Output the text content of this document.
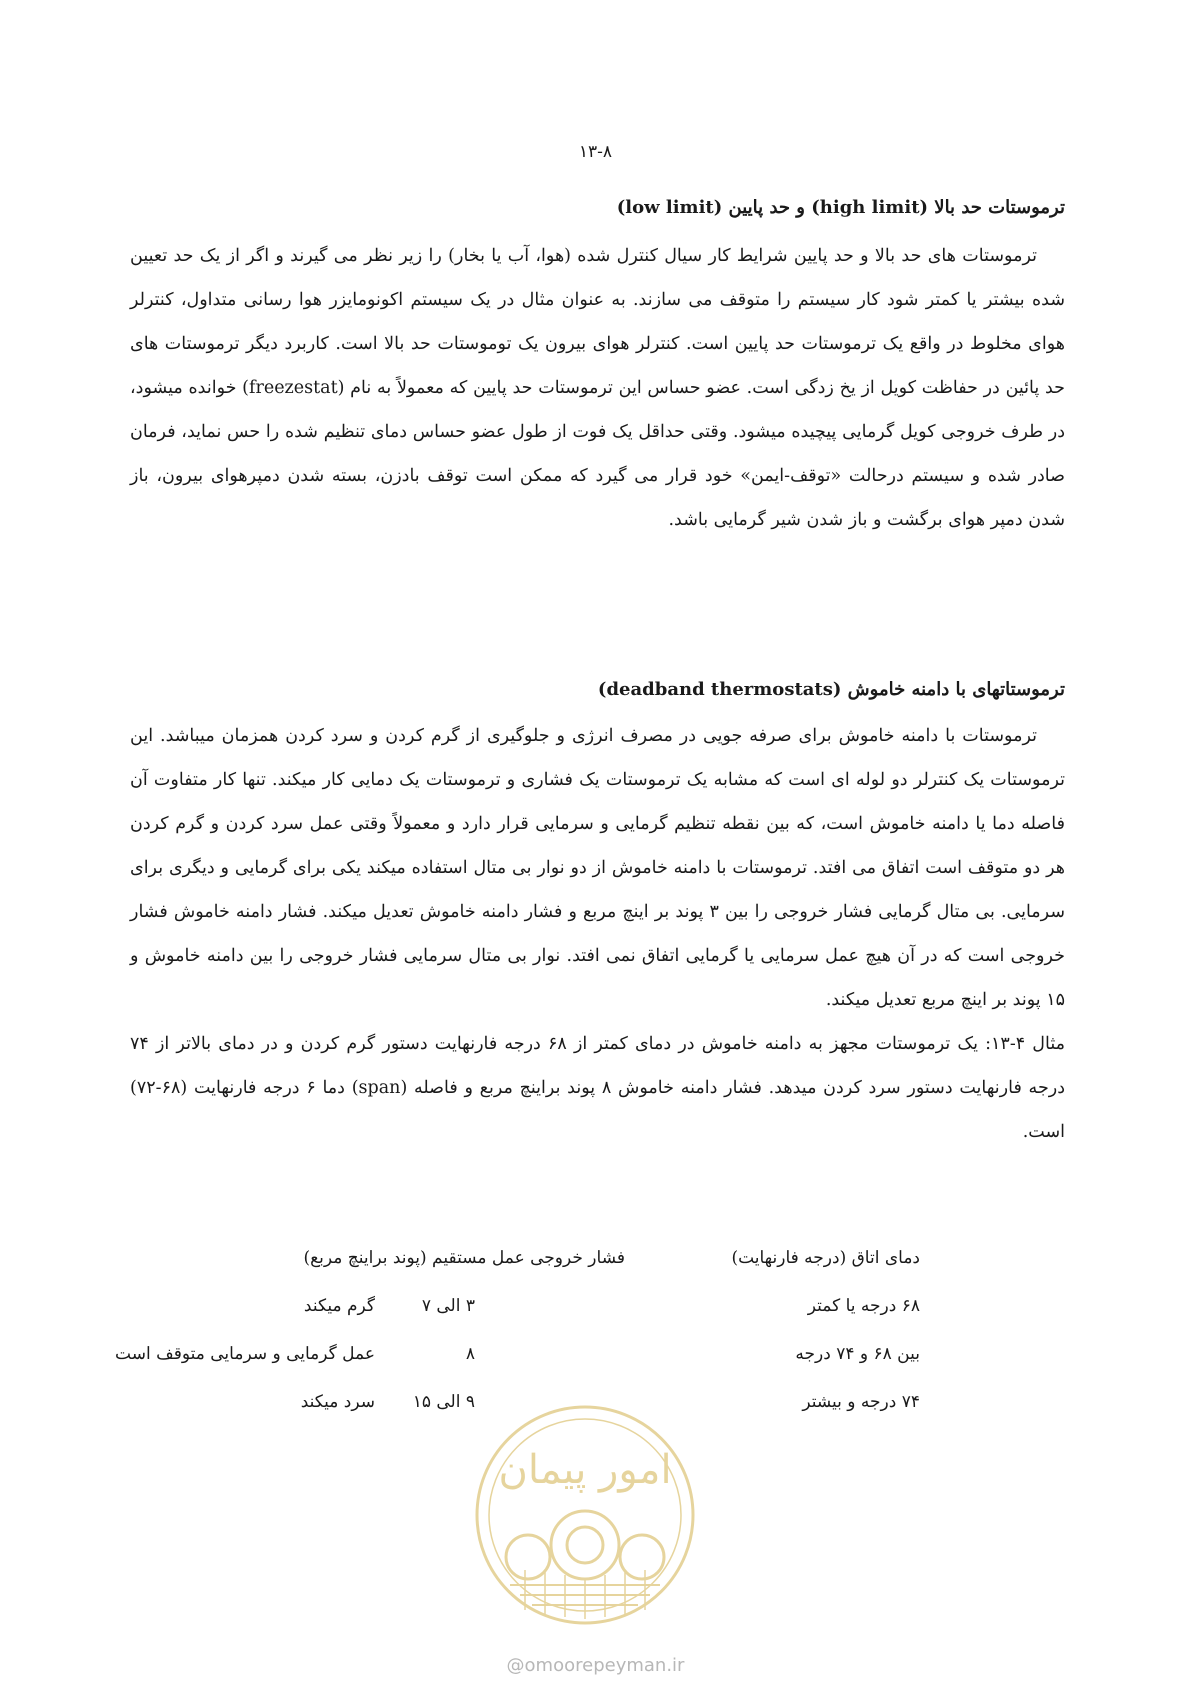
۱۳-۸
ترموستات حد بالا (high limit) و حد پایین (low limit)

ترموستات های حد بالا و حد پایین شرایط کار سیال کنترل شده (هوا، آب یا بخار) را زیر نظر می گیرند و اگر از یک حد تعیین شده بیشتر یا کمتر شود کار سیستم را متوقف می سازند. به عنوان مثال در یک سیستم اکونومایزر هوا رسانی متداول، کنترلر هوای مخلوط در واقع یک ترموستات حد پایین است. کنترلر هوای بیرون یک توموستات حد بالا است. کاربرد دیگر ترموستات های حد پائین در حفاظت کویل از یخ زدگی است. عضو حساس این ترموستات حد پایین که معمولاً به نام (freezestat) خوانده میشود، در طرف خروجی کویل گرمایی پیچیده میشود. وقتی حداقل یک فوت از طول عضو حساس دمای تنظیم شده را حس نماید، فرمان صادر شده و سیستم درحالت «توقف-ایمن» خود قرار می گیرد که ممکن است توقف بادزن، بسته شدن دمپرهوای بیرون، باز شدن دمپر هوای برگشت و باز شدن شیر گرمایی باشد.

ترموستاتهای با دامنه خاموش (deadband thermostats)

ترموستات با دامنه خاموش برای صرفه جویی در مصرف انرژی و جلوگیری از گرم کردن و سرد کردن همزمان میباشد. این ترموستات یک کنترلر دو لوله ای است که مشابه یک ترموستات یک فشاری و ترموستات یک دمایی کار میکند. تنها کار متفاوت آن فاصله دما یا دامنه خاموش است، که بین نقطه تنظیم گرمایی و سرمایی قرار دارد و معمولاً وقتی عمل سرد کردن و گرم کردن هر دو متوقف است اتفاق می افتد. ترموستات با دامنه خاموش از دو نوار بی متال استفاده میکند یکی برای گرمایی و دیگری برای سرمایی. بی متال گرمایی فشار خروجی را بین ۳ پوند بر اینچ مربع و فشار دامنه خاموش تعدیل میکند. فشار دامنه خاموش فشار خروجی است که در آن هیچ عمل سرمایی یا گرمایی اتفاق نمی افتد. نوار بی متال سرمایی فشار خروجی را بین دامنه خاموش و ۱۵ پوند بر اینچ مربع تعدیل میکند.

مثال ۴-۱۳: یک ترموستات مجهز به دامنه خاموش در دمای کمتر از ۶۸ درجه فارنهایت دستور گرم کردن و در دمای بالاتر از ۷۴ درجه فارنهایت دستور سرد کردن میدهد. فشار دامنه خاموش ۸ پوند براینچ مربع و فاصله (span) دما ۶ درجه فارنهایت (۶۸-۷۲) است.

دمای اتاق (درجه فارنهایت)
فشار خروجی عمل مستقیم (پوند براینچ مربع)
۶۸ درجه یا کمتر
۳ الی ۷
گرم میکند
بین ۶۸ و ۷۴ درجه
۸
عمل گرمایی و سرمایی متوقف است
۷۴ درجه و بیشتر
۹ الی ۱۵
سرد میکند
امور پیمان
@omoorepeyman.ir
